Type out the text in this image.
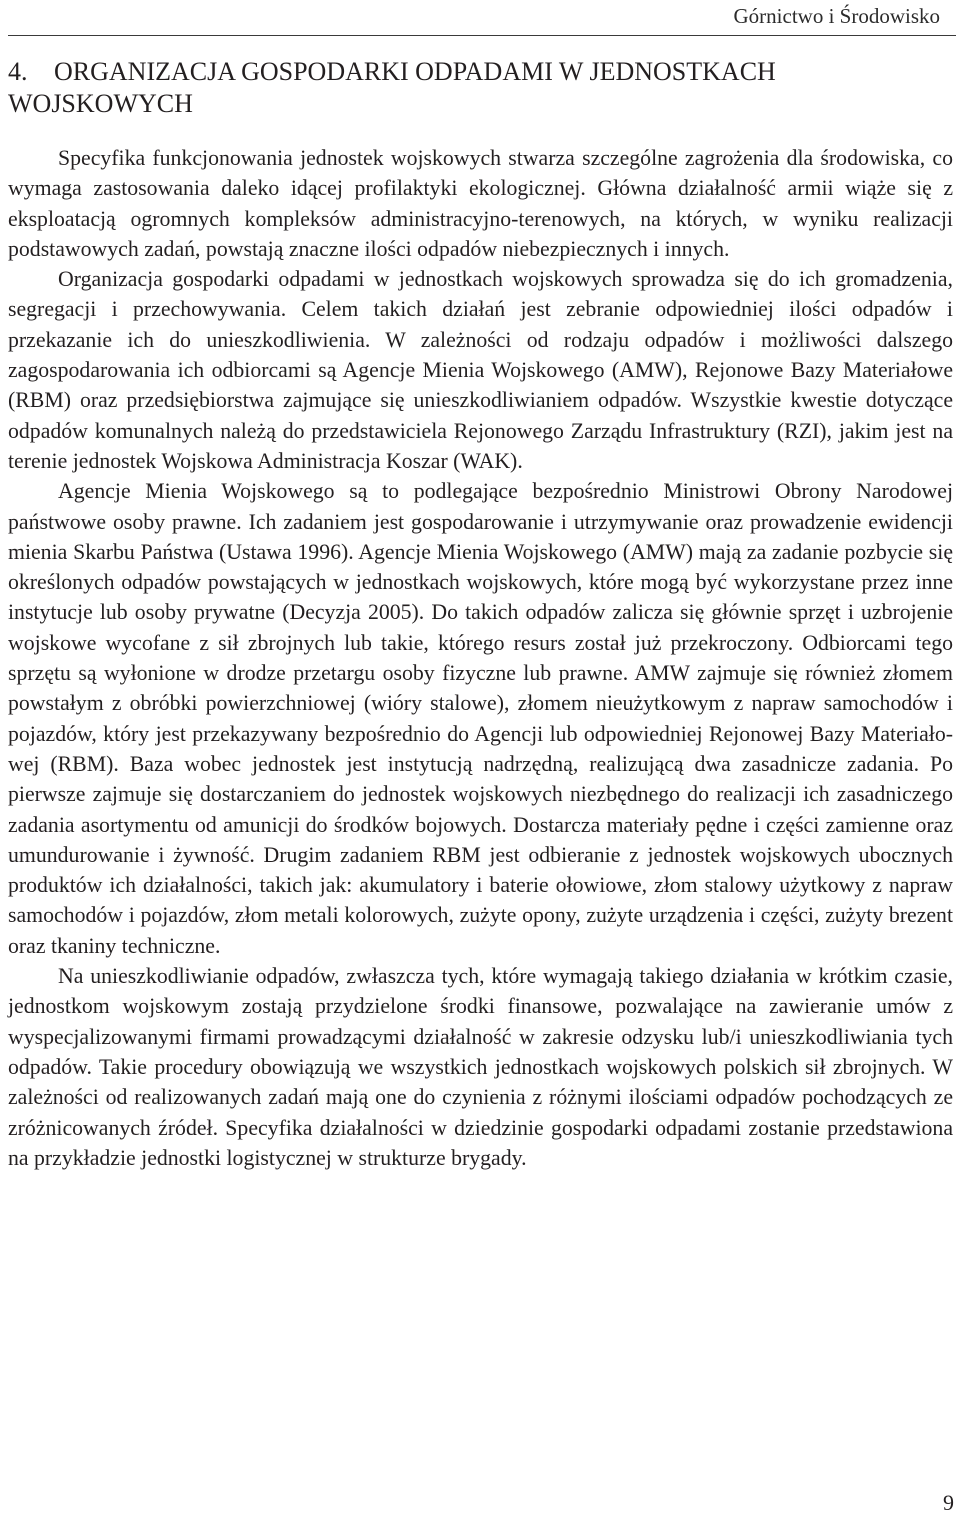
Górnictwo i Środowisko
4. ORGANIZACJA GOSPODARKI ODPADAMI W JEDNOSTKACH
WOJSKOWYCH

Specyfika funkcjonowania jednostek wojskowych stwarza szczególne zagrożenia dla środowiska, co wymaga zastosowania daleko idącej profilaktyki ekologicznej. Główna działalność armii wiąże się z eksploatacją ogromnych kompleksów administracyjno-terenowych, na których, w wyniku realizacji podstawowych zadań, powstają znaczne ilości odpadów niebezpiecznych i innych.

Organizacja gospodarki odpadami w jednostkach wojskowych sprowadza się do ich gromadzenia, segregacji i przechowywania. Celem takich działań jest zebranie odpowiedniej ilości odpadów i przekazanie ich do unieszkodliwienia. W zależności od rodzaju odpadów i możliwości dalszego zagospodarowania ich odbiorcami są Agencje Mienia Wojskowego (AMW), Rejonowe Bazy Materiałowe (RBM) oraz przedsiębiorstwa zajmujące się unieszkodliwianiem odpadów. Wszystkie kwestie dotyczące odpadów komunalnych należą do przedstawiciela Rejonowego Zarządu Infrastruktury (RZI), jakim jest na terenie jednostek Wojskowa Administracja Koszar (WAK).

Agencje Mienia Wojskowego są to podlegające bezpośrednio Ministrowi Obrony Narodowej państwowe osoby prawne. Ich zadaniem jest gospodarowanie i utrzymywanie oraz prowadzenie ewidencji mienia Skarbu Państwa (Ustawa 1996). Agencje Mienia Wojskowego (AMW) mają za zadanie pozbycie się określonych odpadów powstających w jednostkach wojskowych, które mogą być wykorzystane przez inne instytucje lub osoby prywatne (Decyzja 2005). Do takich odpadów zalicza się głównie sprzęt i uzbrojenie wojskowe wycofane z sił zbrojnych lub takie, którego resurs został już przekroczony. Odbiorcami tego sprzętu są wyłonione w drodze przetargu osoby fizyczne lub prawne. AMW zajmuje się również złomem powstałym z obróbki powierzchniowej (wióry stalowe), złomem nieużytkowym z napraw samochodów i pojazdów, który jest przekazywany bezpośrednio do Agencji lub odpowiedniej Rejonowej Bazy Materiałowej (RBM). Baza wobec jednostek jest instytucją nadrzędną, realizującą dwa zasadnicze zadania. Po pierwsze zajmuje się dostarczaniem do jednostek wojskowych niezbędnego do realizacji ich zasadniczego zadania asortymentu od amunicji do środków bojowych. Dostarcza materiały pędne i części zamienne oraz umundurowanie i żywność. Drugim zadaniem RBM jest odbieranie z jednostek wojskowych ubocznych produktów ich działalności, takich jak: akumulatory i baterie ołowiowe, złom stalowy użytkowy z napraw samochodów i pojazdów, złom metali kolorowych, zużyte opony, zużyte urządzenia i części, zużyty brezent oraz tkaniny techniczne.

Na unieszkodliwianie odpadów, zwłaszcza tych, które wymagają takiego działania w krótkim czasie, jednostkom wojskowym zostają przydzielone środki finansowe, pozwalające na zawieranie umów z wyspecjalizowanymi firmami prowadzącymi działalność w zakresie odzysku lub/i unieszkodliwiania tych odpadów. Takie procedury obowiązują we wszystkich jednostkach wojskowych polskich sił zbrojnych. W zależności od realizowanych zadań mają one do czynienia z różnymi ilościami odpadów pochodzących ze zróżnicowanych źródeł. Specyfika działalności w dziedzinie gospodarki odpadami zostanie przedstawiona na przykładzie jednostki logistycznej w strukturze brygady.

9
